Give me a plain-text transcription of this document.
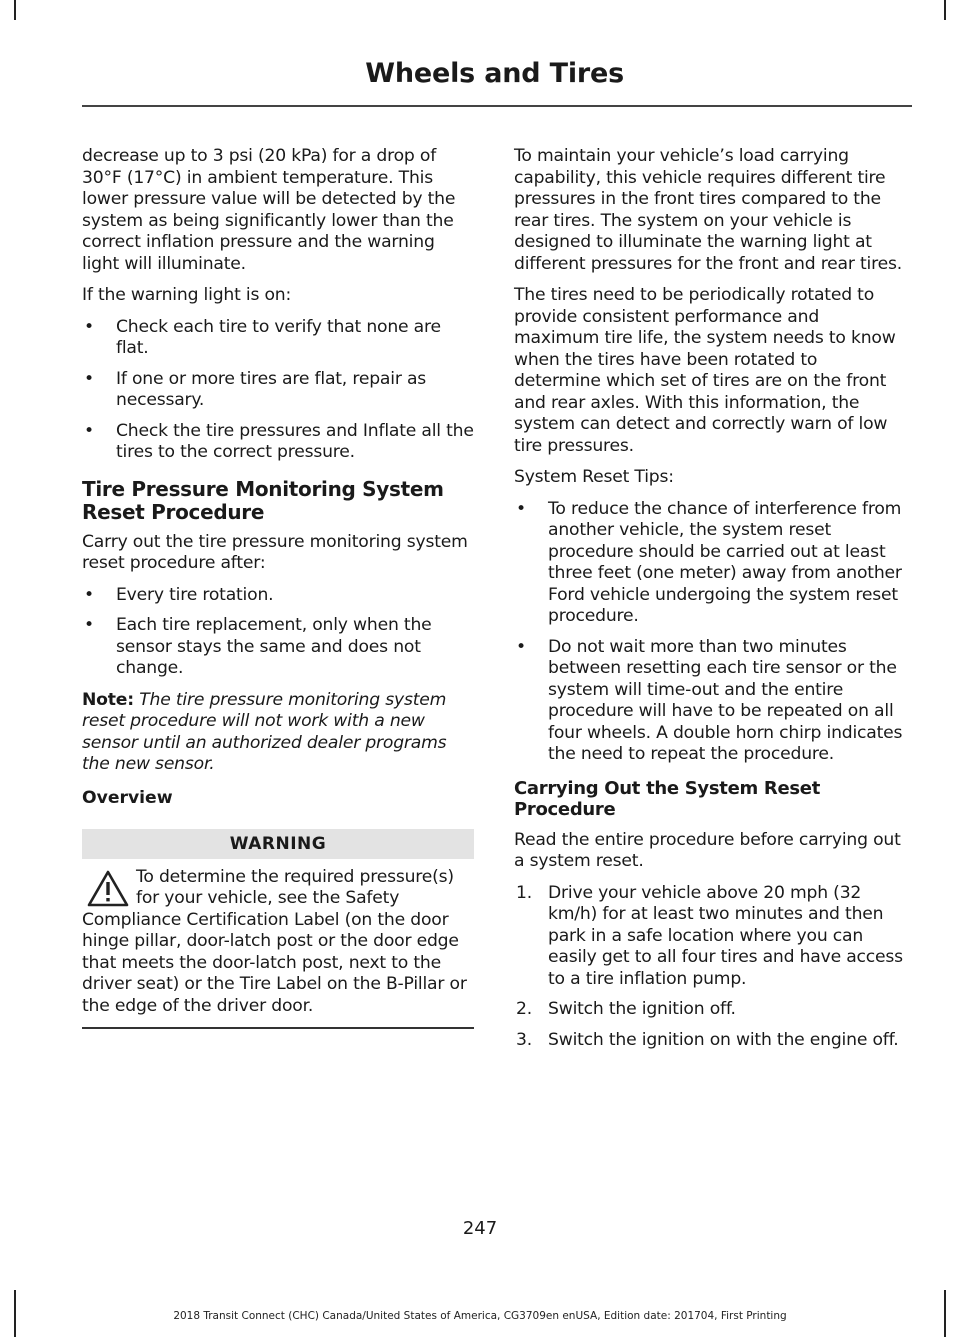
Wheels and Tires

decrease up to 3 psi (20 kPa) for a drop of 30°F (17°C) in ambient temperature. This lower pressure value will be detected by the system as being significantly lower than the correct inflation pressure and the warning light will illuminate.

If the warning light is on:

• Check each tire to verify that none are flat.
• If one or more tires are flat, repair as necessary.
• Check the tire pressures and Inflate all the tires to the correct pressure.
Tire Pressure Monitoring System Reset Procedure

Carry out the tire pressure monitoring system reset procedure after:

• Every tire rotation.
• Each tire replacement, only when the sensor stays the same and does not change.

Note: The tire pressure monitoring system reset procedure will not work with a new sensor until an authorized dealer programs the new sensor.

Overview
WARNING
To determine the required pressure(s) for your vehicle, see the Safety Compliance Certification Label (on the door hinge pillar, door-latch post or the door edge that meets the door-latch post, next to the driver seat) or the Tire Label on the B-Pillar or the edge of the driver door.

To maintain your vehicle’s load carrying capability, this vehicle requires different tire pressures in the front tires compared to the rear tires. The system on your vehicle is designed to illuminate the warning light at different pressures for the front and rear tires.

The tires need to be periodically rotated to provide consistent performance and maximum tire life, the system needs to know when the tires have been rotated to determine which set of tires are on the front and rear axles. With this information, the system can detect and correctly warn of low tire pressures.

System Reset Tips:

• To reduce the chance of interference from another vehicle, the system reset procedure should be carried out at least three feet (one meter) away from another Ford vehicle undergoing the system reset procedure.
• Do not wait more than two minutes between resetting each tire sensor or the system will time-out and the entire procedure will have to be repeated on all four wheels. A double horn chirp indicates the need to repeat the procedure.
Carrying Out the System Reset Procedure

Read the entire procedure before carrying out a system reset.

1. Drive your vehicle above 20 mph (32 km/h) for at least two minutes and then park in a safe location where you can easily get to all four tires and have access to a tire inflation pump.
2. Switch the ignition off.
3. Switch the ignition on with the engine off.
247
2018 Transit Connect (CHC) Canada/United States of America, CG3709en enUSA, Edition date: 201704, First Printing
